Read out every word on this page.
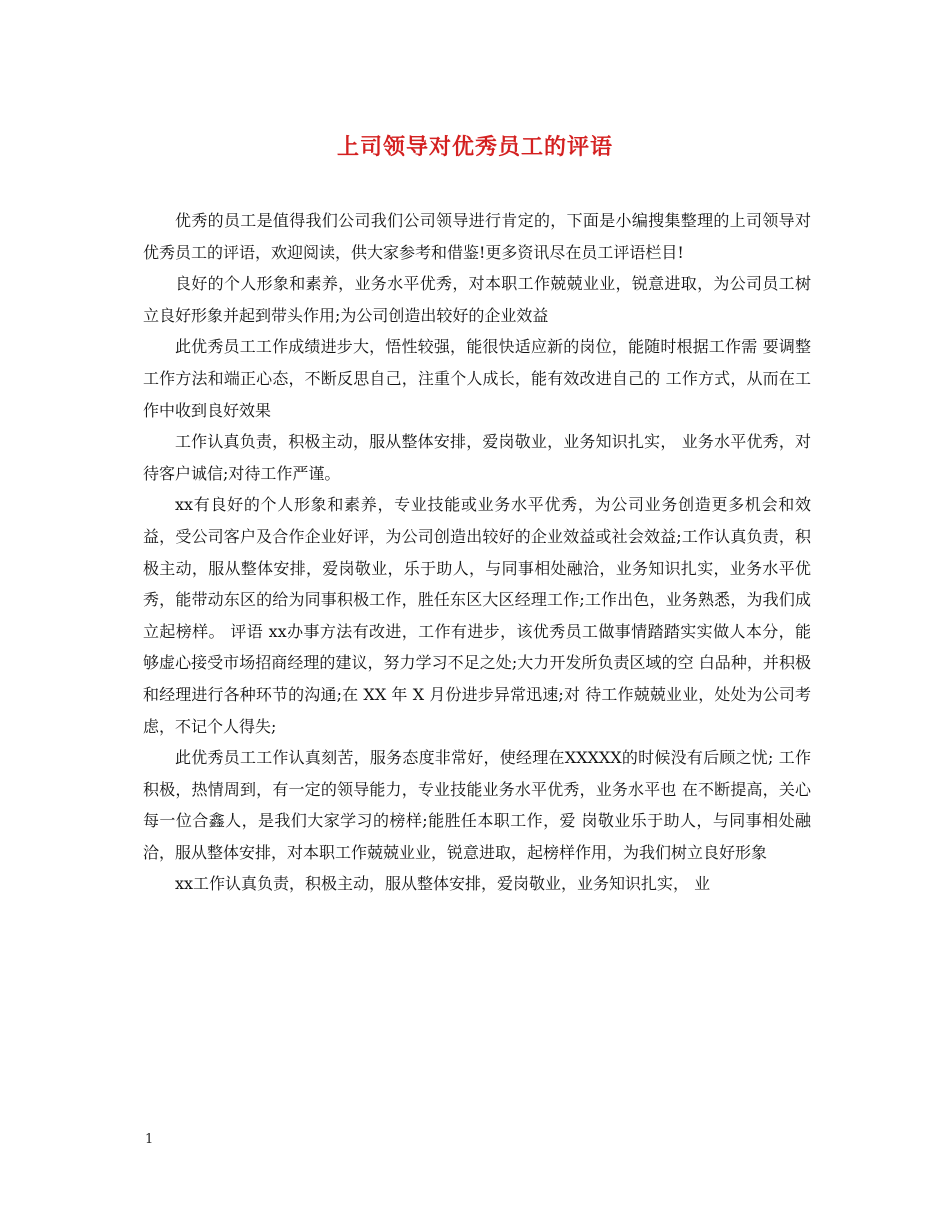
上司领导对优秀员工的评语

优秀的员工是值得我们公司我们公司领导进行肯定的，下面是小编搜集整理的上司领导对优秀员工的评语，欢迎阅读，供大家参考和借鉴!更多资讯尽在员工评语栏目!

良好的个人形象和素养，业务水平优秀，对本职工作兢兢业业，锐意进取，为公司员工树立良好形象并起到带头作用;为公司创造出较好的企业效益

此优秀员工工作成绩进步大，悟性较强，能很快适应新的岗位，能随时根据工作需 要调整工作方法和端正心态，不断反思自己，注重个人成长，能有效改进自己的 工作方式，从而在工作中收到良好效果

工作认真负责，积极主动，服从整体安排，爱岗敬业，业务知识扎实， 业务水平优秀，对待客户诚信;对待工作严谨。

xx有良好的个人形象和素养，专业技能或业务水平优秀，为公司业务创造更多机会和效益，受公司客户及合作企业好评，为公司创造出较好的企业效益或社会效益;工作认真负责，积极主动，服从整体安排，爱岗敬业，乐于助人，与同事相处融洽，业务知识扎实，业务水平优秀，能带动东区的给为同事积极工作，胜任东区大区经理工作;工作出色，业务熟悉，为我们成立起榜样。 评语 xx办事方法有改进，工作有进步，该优秀员工做事情踏踏实实做人本分，能 够虚心接受市场招商经理的建议，努力学习不足之处;大力开发所负责区域的空 白品种，并积极和经理进行各种环节的沟通;在 XX 年 X 月份进步异常迅速;对 待工作兢兢业业，处处为公司考虑，不记个人得失;

此优秀员工工作认真刻苦，服务态度非常好，使经理在XXXXX的时候没有后顾之忧; 工作积极，热情周到，有一定的领导能力，专业技能业务水平优秀，业务水平也 在不断提高，关心每一位合鑫人，是我们大家学习的榜样;能胜任本职工作，爱 岗敬业乐于助人，与同事相处融洽，服从整体安排，对本职工作兢兢业业，锐意进取，起榜样作用，为我们树立良好形象

xx工作认真负责，积极主动，服从整体安排，爱岗敬业，业务知识扎实， 业

1
